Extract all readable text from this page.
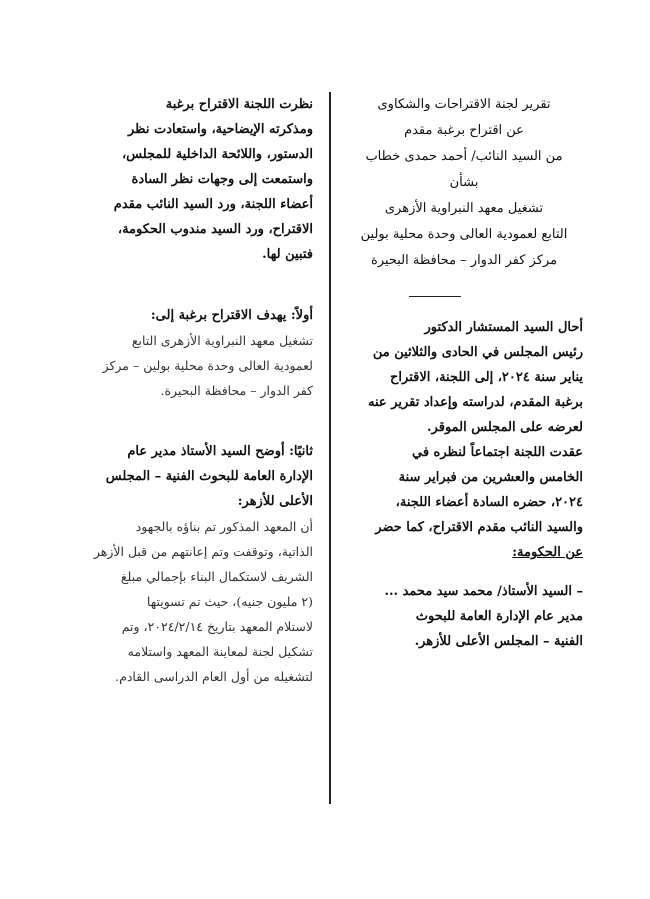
تقرير لجنة الاقتراحات والشكاوى
عن اقتراح برغبة مقدم
من السيد النائب/ أحمد حمدى خطاب
بشأن
تشغيل معهد النبراوية الأزهرى
التابع لعمودية العالى وحدة محلية بولين
مركز كفر الدوار – محافظة البحيرة
أحال السيد المستشار الدكتور
رئيس المجلس في الحادى والثلاثين من
يناير سنة ٢٠٢٤، إلى اللجنة، الاقتراح
برغبة المقدم، لدراسته وإعداد تقرير عنه
لعرضه على المجلس الموقر.
عقدت اللجنة اجتماعاً لنظره في
الخامس والعشرين من فبراير سنة
٢٠٢٤، حضره السادة أعضاء اللجنة،
والسيد النائب مقدم الاقتراح، كما حضر
عن الحكومة:
– السيد الأستاذ/ محمد سيد محمد ...
مدير عام الإدارة العامة للبحوث
الفنية – المجلس الأعلى للأزهر.
نظرت اللجنة الاقتراح برغبة
ومذكرته الإيضاحية، واستعادت نظر
الدستور، واللائحة الداخلية للمجلس،
واستمعت إلى وجهات نظر السادة
أعضاء اللجنة، ورد السيد النائب مقدم
الاقتراح، ورد السيد مندوب الحكومة،
فتبين لها.
أولاً: يهدف الاقتراح برغبة إلى:
تشغيل معهد النبراوية الأزهرى التابع
لعمودية العالى وحدة محلية بولين – مركز
كفر الدوار – محافظة البحيرة.
ثانيًا: أوضح السيد الأستاذ مدير عام
الإدارة العامة للبحوث الفنية – المجلس
الأعلى للأزهر:
أن المعهد المذكور تم بناؤه بالجهود
الذاتية، وتوقفت وتم إعانتهم من قبل الأزهر
الشريف لاستكمال البناء بإجمالي مبلغ
(٢ مليون جنيه)، حيث تم تسويتها
لاستلام المعهد بتاريخ ٢٠٢٤/٢/١٤، وتم
تشكيل لجنة لمعاينة المعهد واستلامه
لتشغيله من أول العام الدراسى القادم.
